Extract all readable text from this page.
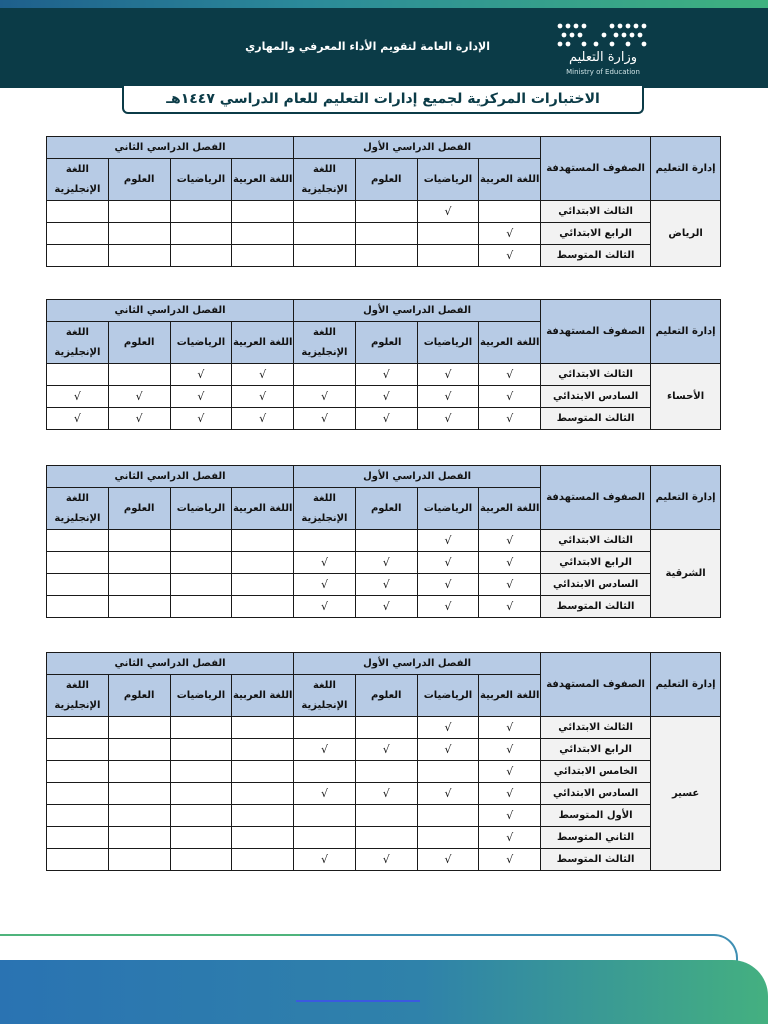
الإدارة العامة لتقويم الأداء المعرفي والمهاري
وزارة التعليم
Ministry of Education
الاختبارات المركزية لجميع إدارات التعليم للعام الدراسي ١٤٤٧هـ
إدارة التعليم	الصفوف المستهدفة	الفصل الدراسي الأول				الفصل الدراسي الثاني			
		اللغة العربية	الرياضيات	العلوم	اللغة الإنجليزية	اللغة العربية	الرياضيات	العلوم	اللغة الإنجليزية
الرياض	الثالث الابتدائي		√						
	الرابع الابتدائي	√							
	الثالث المتوسط	√							
إدارة التعليم	الصفوف المستهدفة	الفصل الدراسي الأول				الفصل الدراسي الثاني			
		اللغة العربية	الرياضيات	العلوم	اللغة الإنجليزية	اللغة العربية	الرياضيات	العلوم	اللغة الإنجليزية
الأحساء	الثالث الابتدائي	√	√	√		√	√		
	السادس الابتدائي	√	√	√	√	√	√	√	√
	الثالث المتوسط	√	√	√	√	√	√	√	√
إدارة التعليم	الصفوف المستهدفة	الفصل الدراسي الأول				الفصل الدراسي الثاني			
		اللغة العربية	الرياضيات	العلوم	اللغة الإنجليزية	اللغة العربية	الرياضيات	العلوم	اللغة الإنجليزية
الشرقية	الثالث الابتدائي	√	√						
	الرابع الابتدائي	√	√	√	√				
	السادس الابتدائي	√	√	√	√				
	الثالث المتوسط	√	√	√	√				
إدارة التعليم	الصفوف المستهدفة	الفصل الدراسي الأول				الفصل الدراسي الثاني			
		اللغة العربية	الرياضيات	العلوم	اللغة الإنجليزية	اللغة العربية	الرياضيات	العلوم	اللغة الإنجليزية
عسير	الثالث الابتدائي	√	√						
	الرابع الابتدائي	√	√	√	√				
	الخامس الابتدائي	√							
	السادس الابتدائي	√	√	√	√				
	الأول المتوسط	√							
	الثاني المتوسط	√							
	الثالث المتوسط	√	√	√	√				
